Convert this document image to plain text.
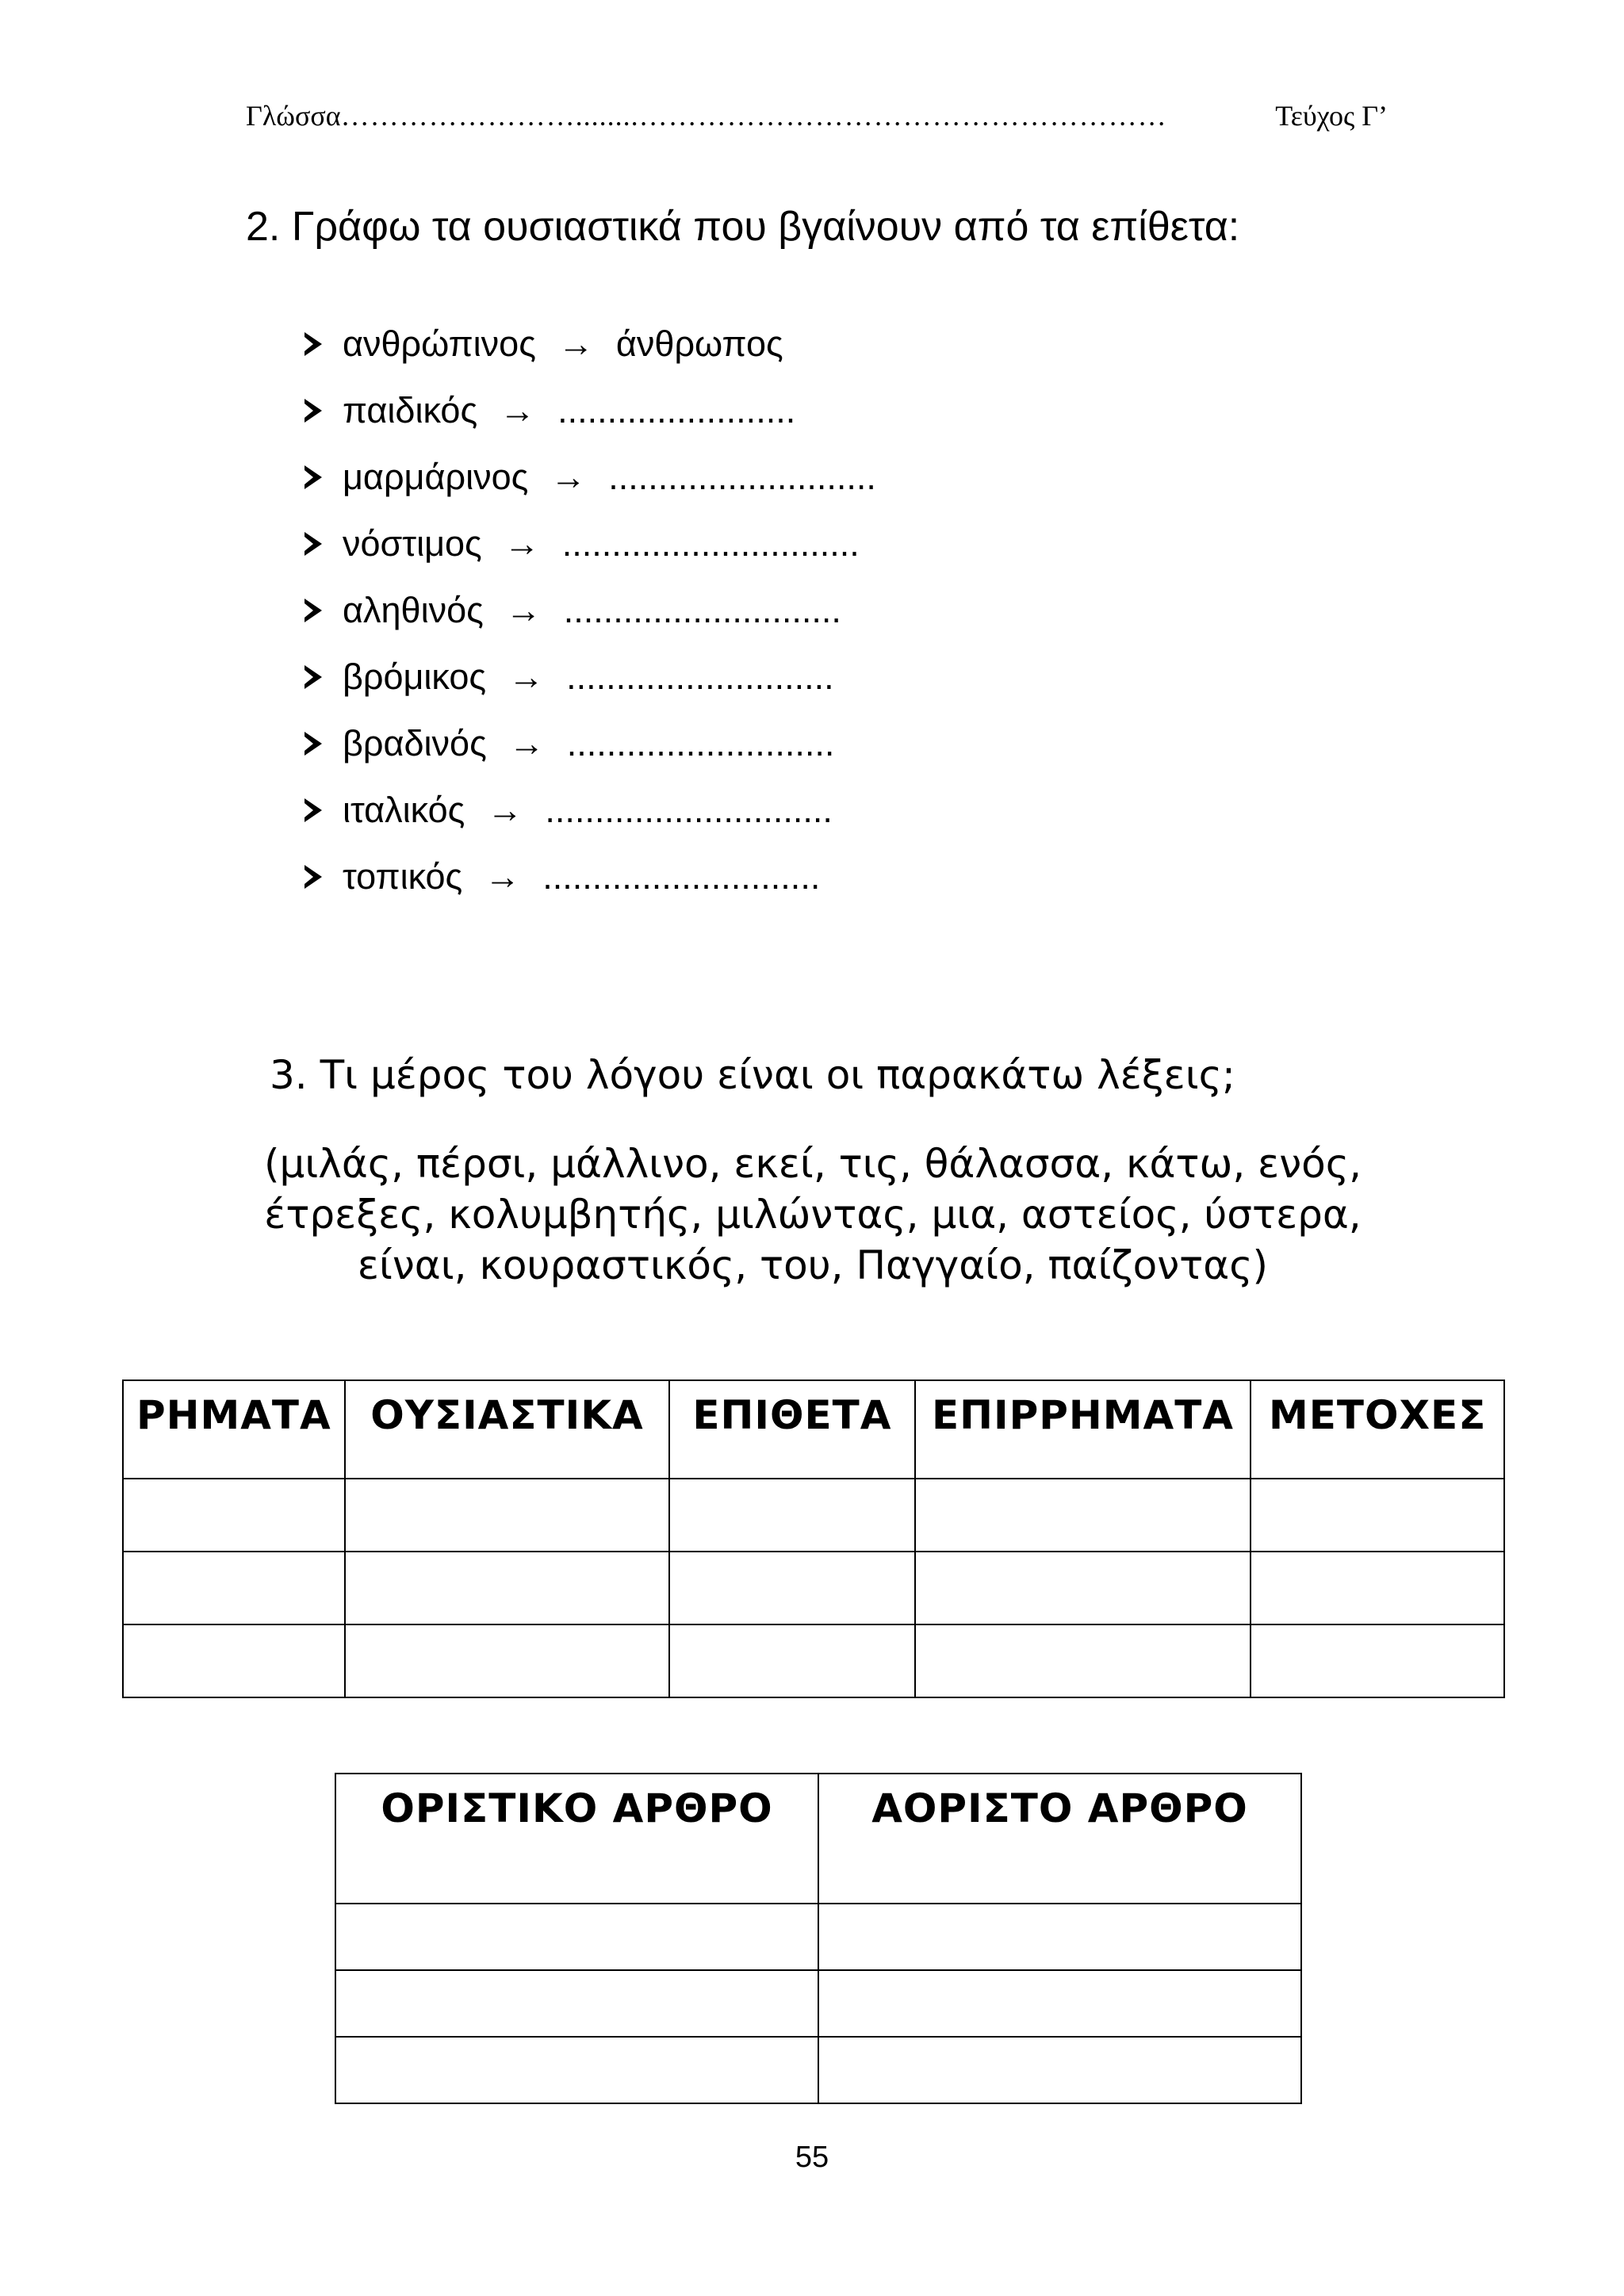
Γλώσσα ……………………........………………………………………………	Τεύχος Γ’
2. Γράφω τα ουσιαστικά που βγαίνουν από τα επίθετα:
ανθρώπινος → άνθρωπος
παιδικός → ........................
μαρμάρινος → ...........................
νόστιμος → ..............................
αληθινός → ............................
βρόμικος → ...........................
βραδινός → ...........................
ιταλικός → .............................
τοπικός → ............................
3. Τι μέρος του λόγου είναι οι παρακάτω λέξεις;
(μιλάς, πέρσι, μάλλινο, εκεί, τις, θάλασσα, κάτω, ενός,
έτρεξες, κολυμβητής, μιλώντας, μια, αστείος, ύστερα,
είναι, κουραστικός, του, Παγγαίο, παίζοντας)
ΡΗΜΑΤΑ	ΟΥΣΙΑΣΤΙΚΑ	ΕΠΙΘΕΤΑ	ΕΠΙΡΡΗΜΑΤΑ	ΜΕΤΟΧΕΣ

ΟΡΙΣΤΙΚΟ ΑΡΘΡΟ	ΑΟΡΙΣΤΟ ΑΡΘΡΟ

55
